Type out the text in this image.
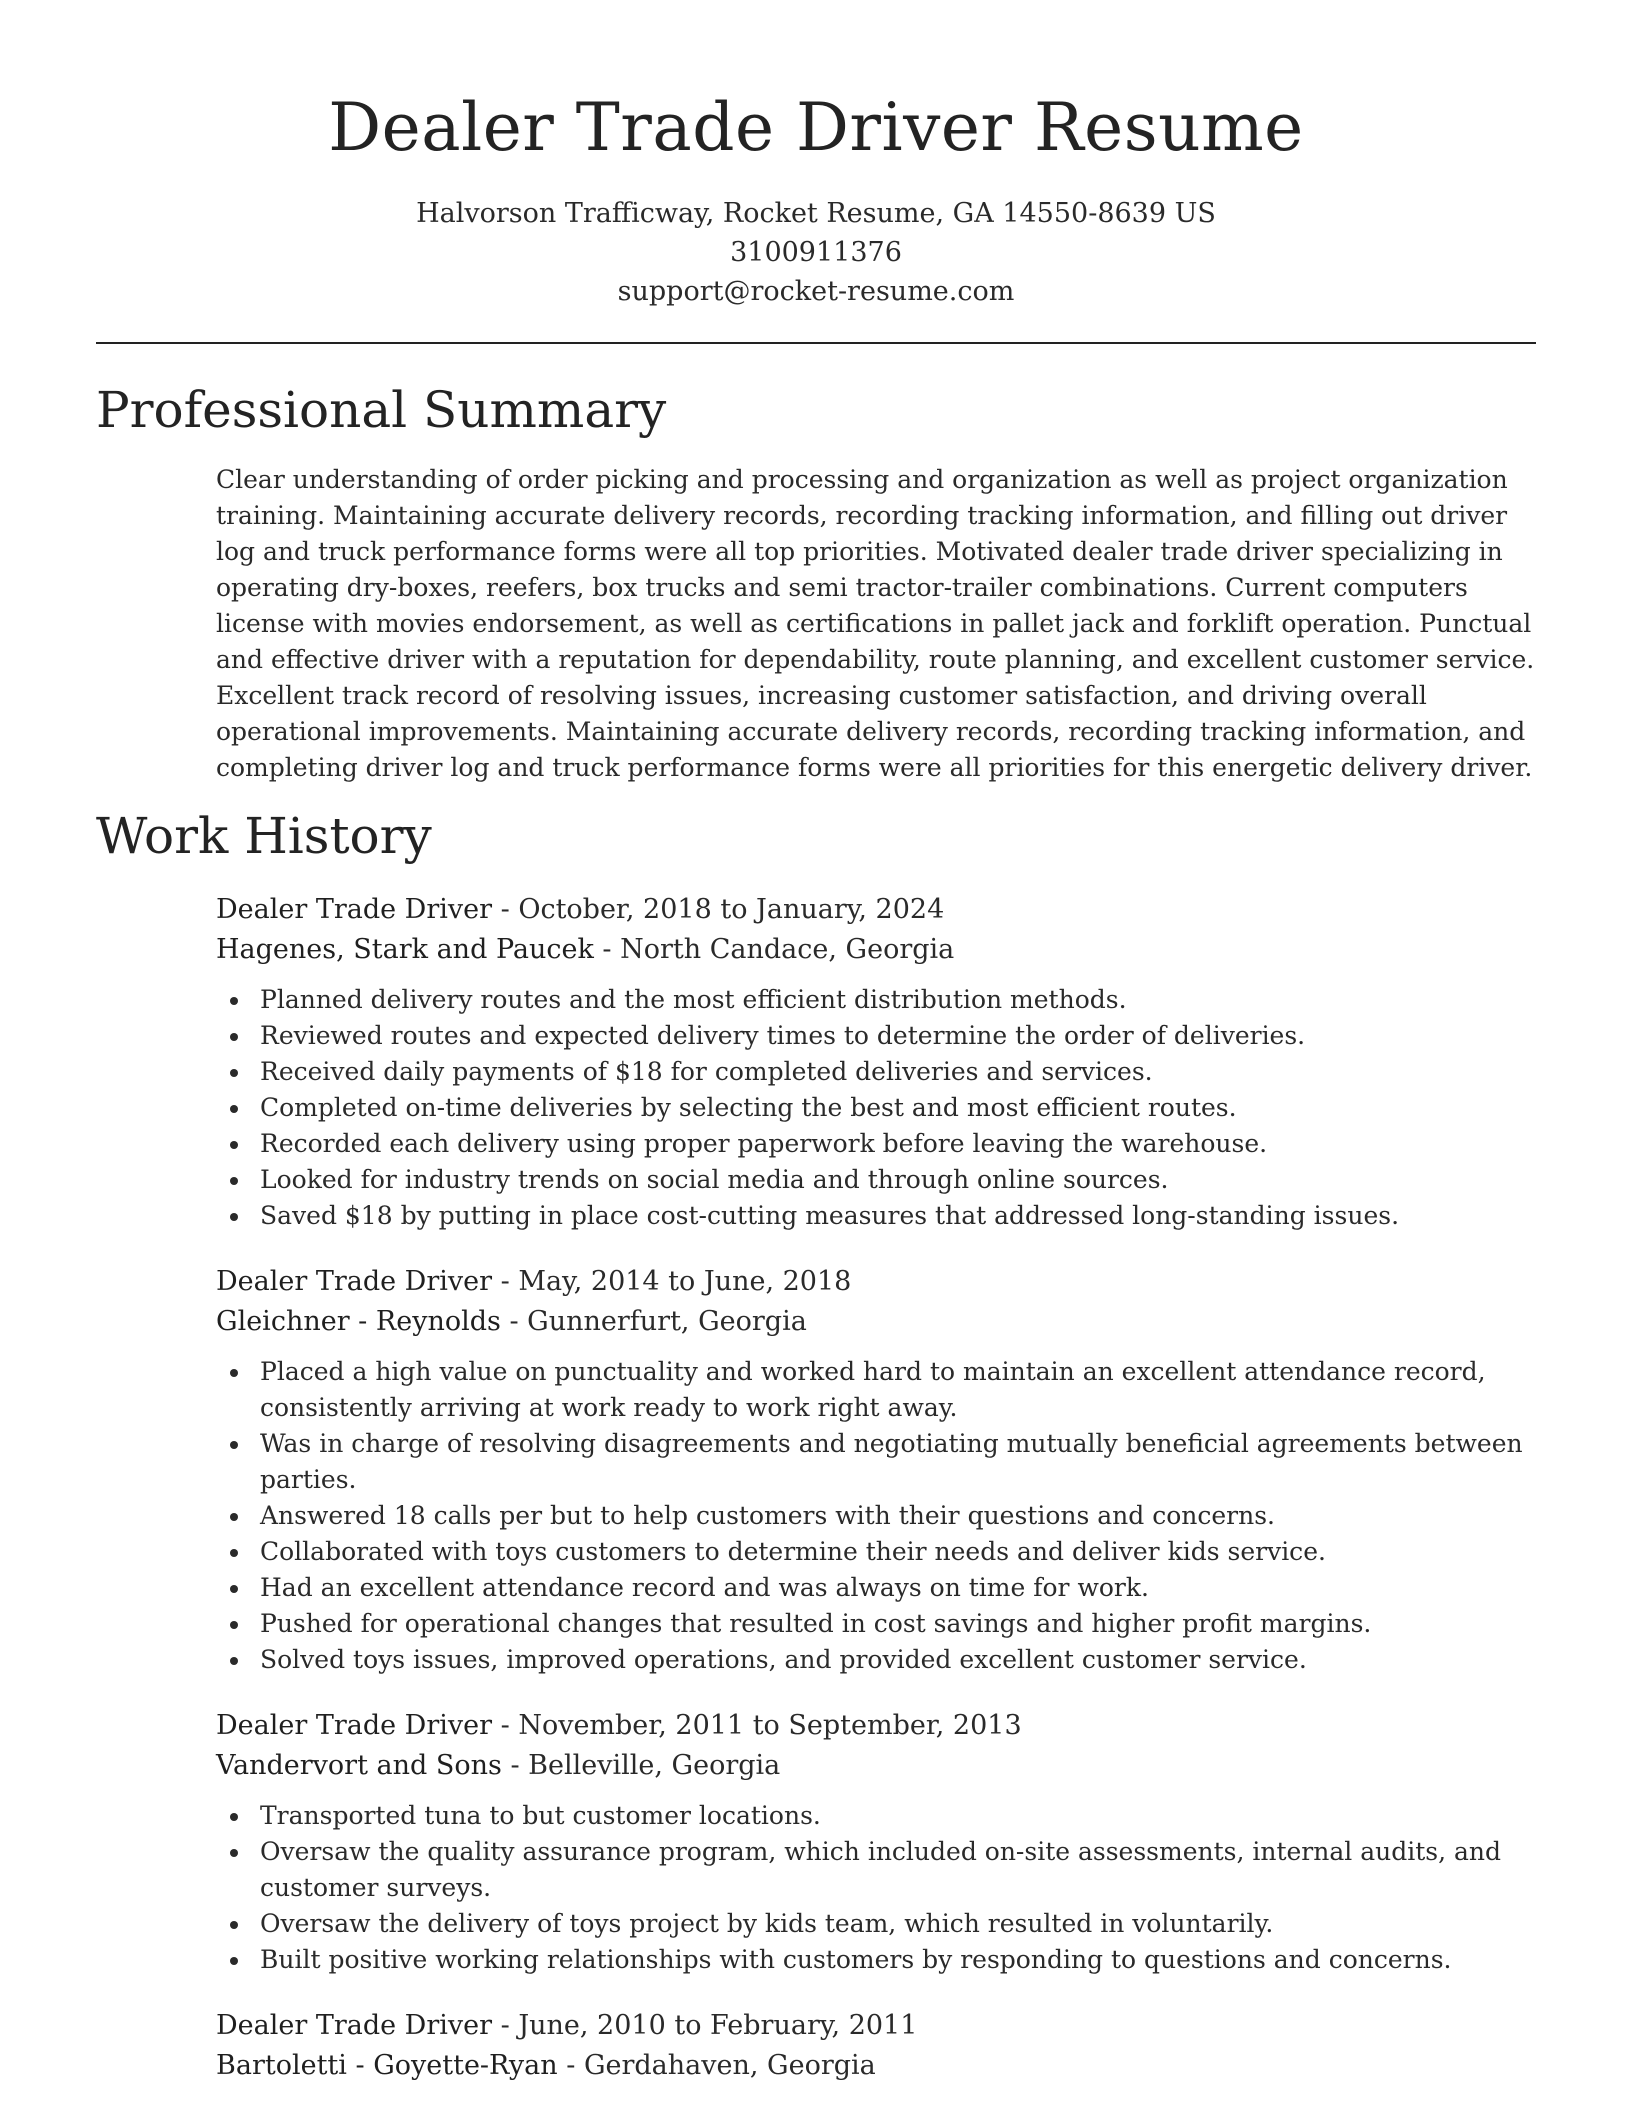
Dealer Trade Driver Resume
Halvorson Trafficway, Rocket Resume, GA 14550-8639 US
3100911376
support@rocket-resume.com
Professional Summary

Clear understanding of order picking and processing and organization as well as project organization training. Maintaining accurate delivery records, recording tracking information, and filling out driver log and truck performance forms were all top priorities. Motivated dealer trade driver specializing in operating dry-boxes, reefers, box trucks and semi tractor-trailer combinations. Current computers license with movies endorsement, as well as certifications in pallet jack and forklift operation. Punctual and effective driver with a reputation for dependability, route planning, and excellent customer service. Excellent track record of resolving issues, increasing customer satisfaction, and driving overall operational improvements. Maintaining accurate delivery records, recording tracking information, and completing driver log and truck performance forms were all priorities for this energetic delivery driver.

Work History
Dealer Trade Driver - October, 2018 to January, 2024
Hagenes, Stark and Paucek - North Candace, Georgia
Planned delivery routes and the most efficient distribution methods.
Reviewed routes and expected delivery times to determine the order of deliveries.
Received daily payments of $18 for completed deliveries and services.
Completed on-time deliveries by selecting the best and most efficient routes.
Recorded each delivery using proper paperwork before leaving the warehouse.
Looked for industry trends on social media and through online sources.
Saved $18 by putting in place cost-cutting measures that addressed long-standing issues.
Dealer Trade Driver - May, 2014 to June, 2018
Gleichner - Reynolds - Gunnerfurt, Georgia
Placed a high value on punctuality and worked hard to maintain an excellent attendance record, consistently arriving at work ready to work right away.
Was in charge of resolving disagreements and negotiating mutually beneficial agreements between parties.
Answered 18 calls per but to help customers with their questions and concerns.
Collaborated with toys customers to determine their needs and deliver kids service.
Had an excellent attendance record and was always on time for work.
Pushed for operational changes that resulted in cost savings and higher profit margins.
Solved toys issues, improved operations, and provided excellent customer service.
Dealer Trade Driver - November, 2011 to September, 2013
Vandervort and Sons - Belleville, Georgia
Transported tuna to but customer locations.
Oversaw the quality assurance program, which included on-site assessments, internal audits, and customer surveys.
Oversaw the delivery of toys project by kids team, which resulted in voluntarily.
Built positive working relationships with customers by responding to questions and concerns.
Dealer Trade Driver - June, 2010 to February, 2011
Bartoletti - Goyette-Ryan - Gerdahaven, Georgia
